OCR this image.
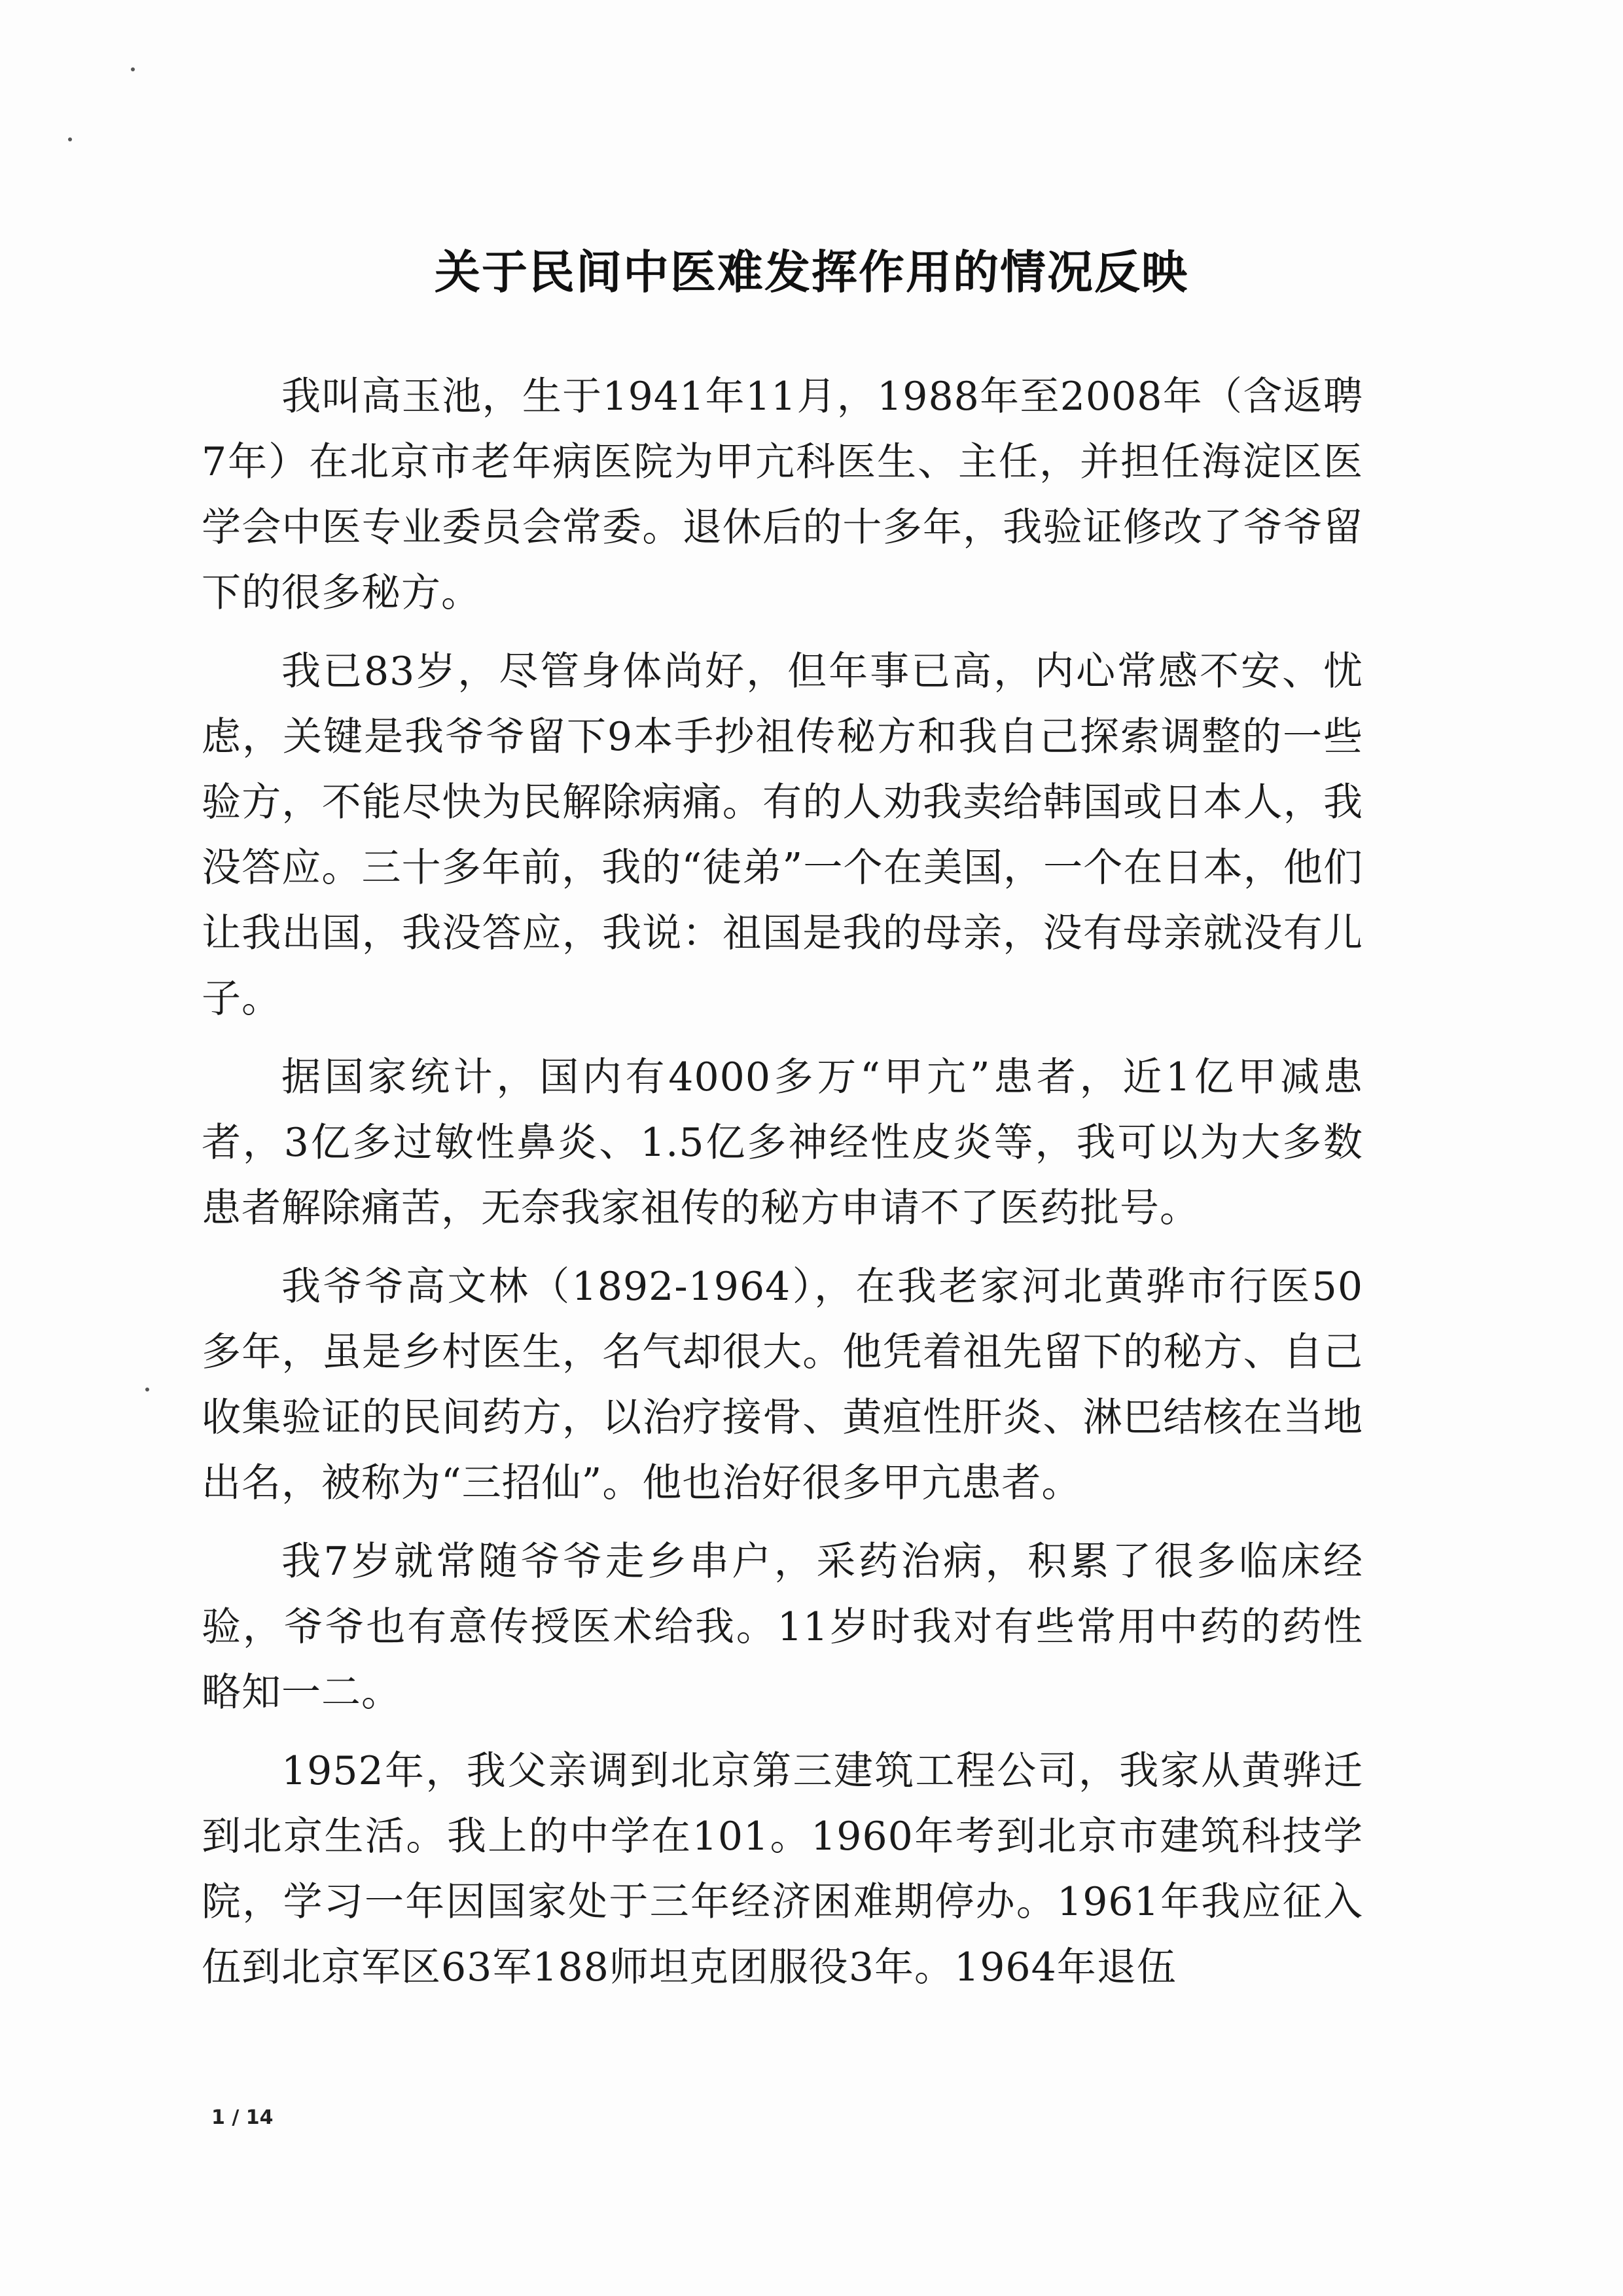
关于民间中医难发挥作用的情况反映

我叫高玉池，生于1941年11月，1988年至2008年（含返聘7年）在北京市老年病医院为甲亢科医生、主任，并担任海淀区医学会中医专业委员会常委。退休后的十多年，我验证修改了爷爷留下的很多秘方。

我已83岁，尽管身体尚好，但年事已高，内心常感不安、忧虑，关键是我爷爷留下9本手抄祖传秘方和我自己探索调整的一些验方，不能尽快为民解除病痛。有的人劝我卖给韩国或日本人，我没答应。三十多年前，我的“徒弟”一个在美国，一个在日本，他们让我出国，我没答应，我说：祖国是我的母亲，没有母亲就没有儿子。

据国家统计，国内有4000多万“甲亢”患者，近1亿甲减患者，3亿多过敏性鼻炎、1.5亿多神经性皮炎等，我可以为大多数患者解除痛苦，无奈我家祖传的秘方申请不了医药批号。

我爷爷高文林（1892-1964），在我老家河北黄骅市行医50多年，虽是乡村医生，名气却很大。他凭着祖先留下的秘方、自己收集验证的民间药方，以治疗接骨、黄疸性肝炎、淋巴结核在当地出名，被称为“三招仙”。他也治好很多甲亢患者。

我7岁就常随爷爷走乡串户，采药治病，积累了很多临床经验，爷爷也有意传授医术给我。11岁时我对有些常用中药的药性略知一二。

1952年，我父亲调到北京第三建筑工程公司，我家从黄骅迁到北京生活。我上的中学在101。1960年考到北京市建筑科技学院，学习一年因国家处于三年经济困难期停办。1961年我应征入伍到北京军区63军188师坦克团服役3年。1964年退伍

1 / 14
